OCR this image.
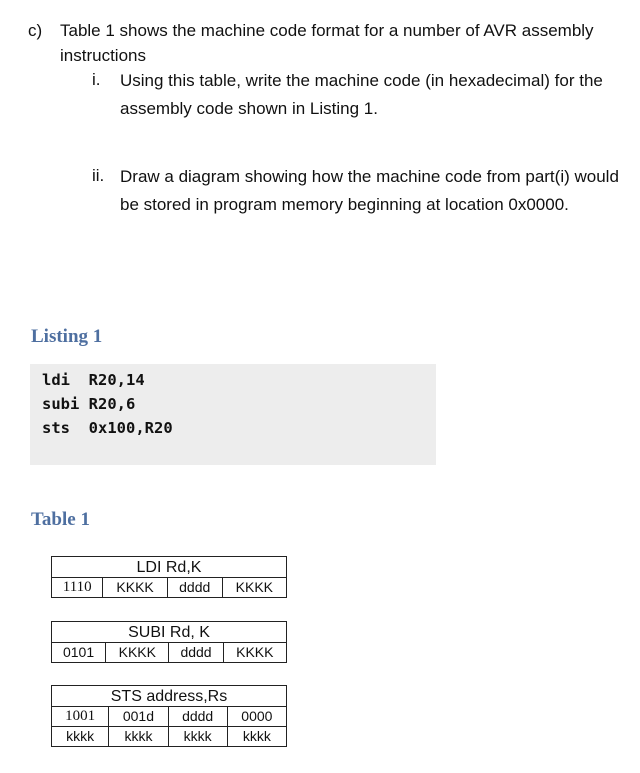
c) Table 1 shows the machine code format for a number of AVR assembly instructions
i. Using this table, write the machine code (in hexadecimal) for the assembly code shown in Listing 1.
ii. Draw a diagram showing how the machine code from part(i) would be stored in program memory beginning at location 0x0000.
Listing 1
ldi  R20,14
subi R20,6
sts  0x100,R20
Table 1
LDI Rd,K
1110	KKKK	dddd	KKKK
SUBI Rd, K
0101	KKKK	dddd	KKKK
STS address,Rs			
1001	001d	dddd	0000
kkkk	kkkk	kkkk	kkkk
